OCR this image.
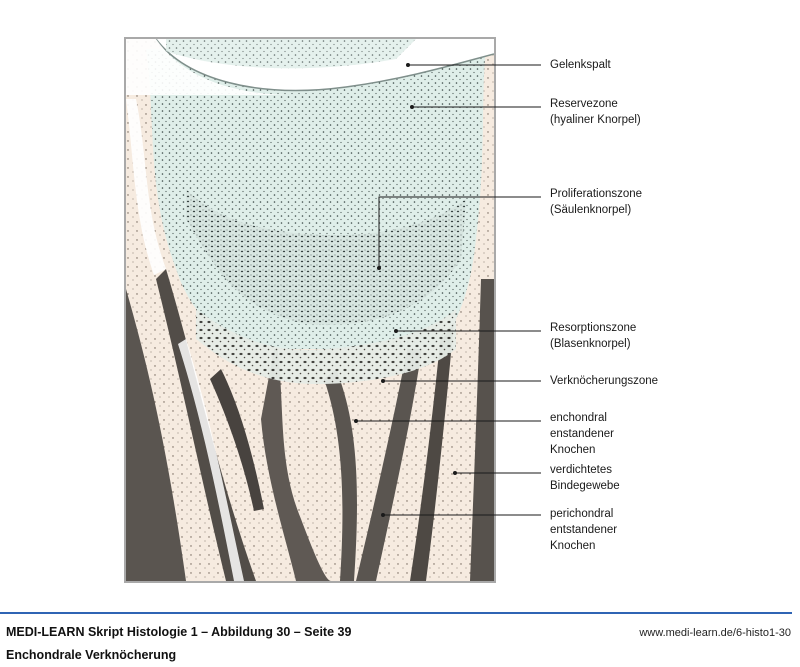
Gelenkspalt
Reservezone
(hyaliner Knorpel)
Proliferationszone
(Säulenknorpel)
Resorptionszone
(Blasenknorpel)
Verknöcherungszone
enchondral
enstandener
Knochen
verdichtetes
Bindegewebe
perichondral
entstandener
Knochen
MEDI-LEARN Skript Histologie 1 – Abbildung 30 – Seite 39	www.medi-learn.de/6-histo1-30
Enchondrale Verknöcherung
